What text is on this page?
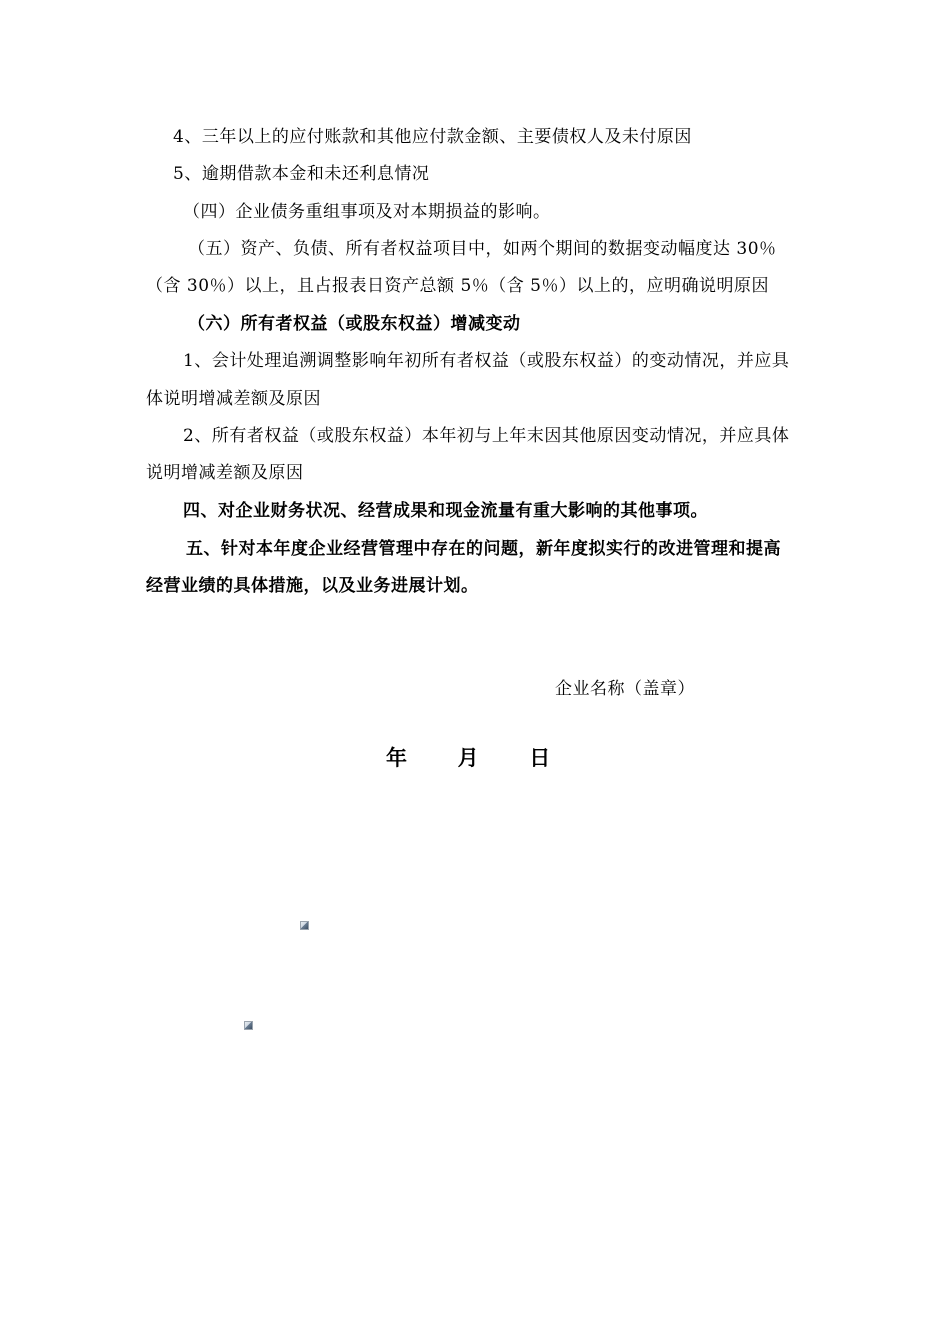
4、三年以上的应付账款和其他应付款金额、主要债权人及未付原因
5、逾期借款本金和未还利息情况
（四）企业债务重组事项及对本期损益的影响。
（五）资产、负债、所有者权益项目中，如两个期间的数据变动幅度达 30％
（含 30％）以上，且占报表日资产总额 5％（含 5％）以上的，应明确说明原因
（六）所有者权益（或股东权益）增减变动
1、会计处理追溯调整影响年初所有者权益（或股东权益）的变动情况，并应具
体说明增减差额及原因
2、所有者权益（或股东权益）本年初与上年末因其他原因变动情况，并应具体
说明增减差额及原因
四、对企业财务状况、经营成果和现金流量有重大影响的其他事项。
五、针对本年度企业经营管理中存在的问题，新年度拟实行的改进管理和提高
经营业绩的具体措施，以及业务进展计划。
企业名称（盖章）
年 月 日
